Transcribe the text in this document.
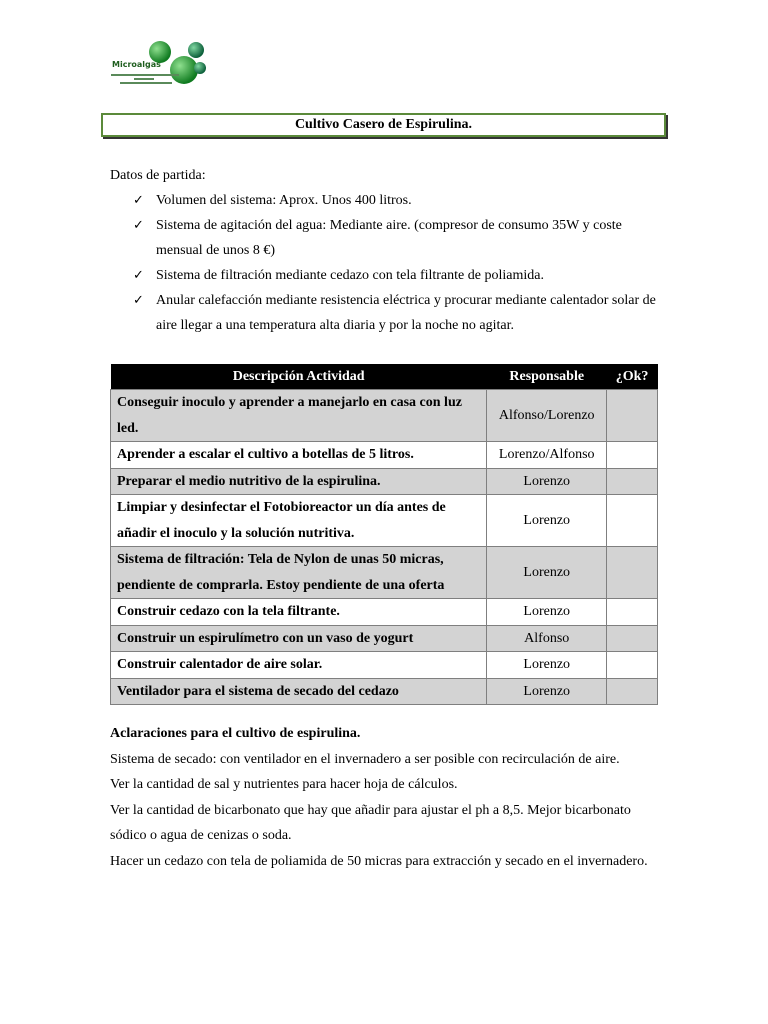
Microalgas
Cultivo Casero de Espirulina.
Datos de partida:
✓ Volumen del sistema: Aprox. Unos 400 litros.
✓ Sistema de agitación del agua: Mediante aire. (compresor de consumo 35W y coste mensual de unos 8 €)
✓ Sistema de filtración mediante cedazo con tela filtrante de poliamida.
✓ Anular calefacción mediante resistencia eléctrica y procurar mediante calentador solar de aire llegar a una temperatura alta diaria y por la noche no agitar.
Descripción Actividad	Responsable	¿Ok?
Conseguir inoculo y aprender a manejarlo en casa con luz led.	Alfonso/Lorenzo	
Aprender a escalar el cultivo a botellas de 5 litros.	Lorenzo/Alfonso	
Preparar el medio nutritivo de la espirulina.	Lorenzo	
Limpiar y desinfectar el Fotobioreactor un día antes de añadir el inoculo y la solución nutritiva.	Lorenzo	
Sistema de filtración: Tela de Nylon de unas 50 micras, pendiente de comprarla. Estoy pendiente de una oferta	Lorenzo	
Construir cedazo con la tela filtrante.	Lorenzo	
Construir un espirulímetro con un vaso de yogurt	Alfonso	
Construir calentador de aire solar.	Lorenzo	
Ventilador para el sistema de secado del cedazo	Lorenzo	

Aclaraciones para el cultivo de espirulina.

Sistema de secado: con ventilador en el invernadero a ser posible con recirculación de aire.

Ver la cantidad de sal y nutrientes para hacer hoja de cálculos.

Ver la cantidad de bicarbonato que hay que añadir para ajustar el ph a 8,5. Mejor bicarbonato sódico o agua de cenizas o soda.

Hacer un cedazo con tela de poliamida de 50 micras para extracción y secado en el invernadero.
